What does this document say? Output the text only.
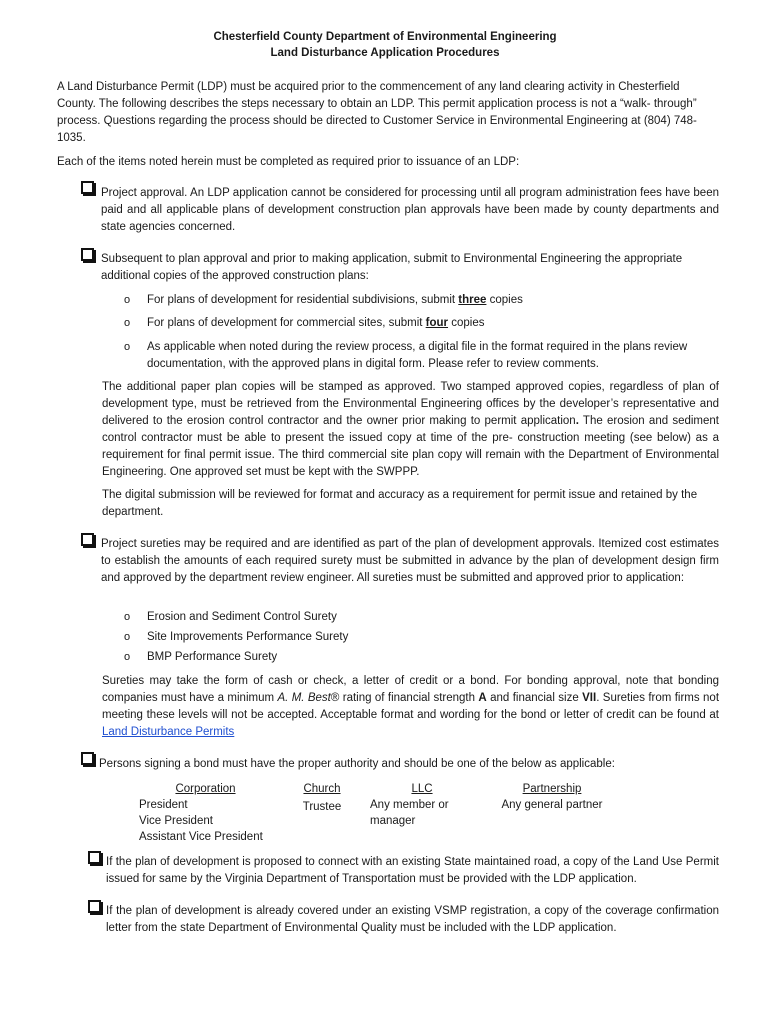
Chesterfield County Department of Environmental Engineering
Land Disturbance Application Procedures

A Land Disturbance Permit (LDP) must be acquired prior to the commencement of any land clearing activity in Chesterfield County. The following describes the steps necessary to obtain an LDP. This permit application process is not a “walk- through” process. Questions regarding the process should be directed to Customer Service in Environmental Engineering at (804) 748-1035.

Each of the items noted herein must be completed as required prior to issuance of an LDP:

Project approval. An LDP application cannot be considered for processing until all program administration fees have been paid and all applicable plans of development construction plan approvals have been made by county departments and state agencies concerned.

Subsequent to plan approval and prior to making application, submit to Environmental Engineering the appropriate additional copies of the approved construction plans:

o For plans of development for residential subdivisions, submit three copies
o For plans of development for commercial sites, submit four copies
o As applicable when noted during the review process, a digital file in the format required in the plans review documentation, with the approved plans in digital form. Please refer to review comments.

The additional paper plan copies will be stamped as approved. Two stamped approved copies, regardless of plan of development type, must be retrieved from the Environmental Engineering offices by the developer’s representative and delivered to the erosion control contractor and the owner prior making to permit application. The erosion and sediment control contractor must be able to present the issued copy at time of the pre- construction meeting (see below) as a requirement for final permit issue. The third commercial site plan copy will remain with the Department of Environmental Engineering. One approved set must be kept with the SWPPP.

The digital submission will be reviewed for format and accuracy as a requirement for permit issue and retained by the department.

Project sureties may be required and are identified as part of the plan of development approvals. Itemized cost estimates to establish the amounts of each required surety must be submitted in advance by the plan of development design firm and approved by the department review engineer. All sureties must be submitted and approved prior to application:

o Erosion and Sediment Control Surety
o Site Improvements Performance Surety
o BMP Performance Surety

Sureties may take the form of cash or check, a letter of credit or a bond. For bonding approval, note that bonding companies must have a minimum A. M. Best® rating of financial strength A and financial size VII. Sureties from firms not meeting these levels will not be accepted. Acceptable format and wording for the bond or letter of credit can be found at Land Disturbance Permits

Persons signing a bond must have the proper authority and should be one of the below as applicable:

Corporation
President
Vice President
Assistant Vice President
Church
Trustee
LLC
Any member or
manager
Partnership
Any general partner

If the plan of development is proposed to connect with an existing State maintained road, a copy of the Land Use Permit issued for same by the Virginia Department of Transportation must be provided with the LDP application.

If the plan of development is already covered under an existing VSMP registration, a copy of the coverage confirmation letter from the state Department of Environmental Quality must be included with the LDP application.
